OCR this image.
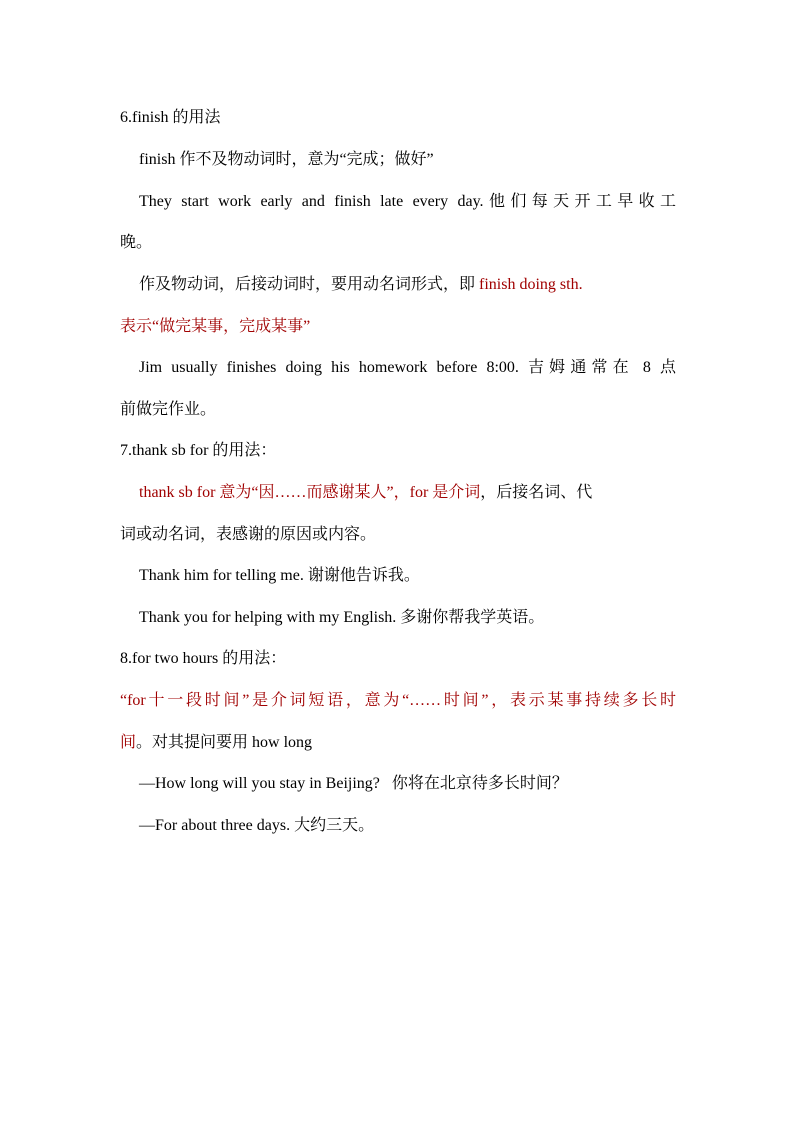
6.finish 的用法
finish 作不及物动词时，意为“完成；做好”
They start work early and finish late every day.他们每天开工早收工
晚。
作及物动词，后接动词时，要用动名词形式，即 finish doing sth.
表示“做完某事，完成某事”
Jim usually finishes doing his homework before 8:00. 吉姆通常在 8 点
前做完作业。
7.thank sb for 的用法：
thank sb for 意为“因……而感谢某人”，for 是介词，后接名词、代
词或动名词，表感谢的原因或内容。
Thank him for telling me. 谢谢他告诉我。
Thank you for helping with my English. 多谢你帮我学英语。
8.for two hours 的用法：
“for十一段时间”是介词短语，意为“……时间”，表示某事持续多长时
间。对其提问要用 how long
—How long will you stay in Beijing?   你将在北京待多长时间？
—For about three days. 大约三天。
